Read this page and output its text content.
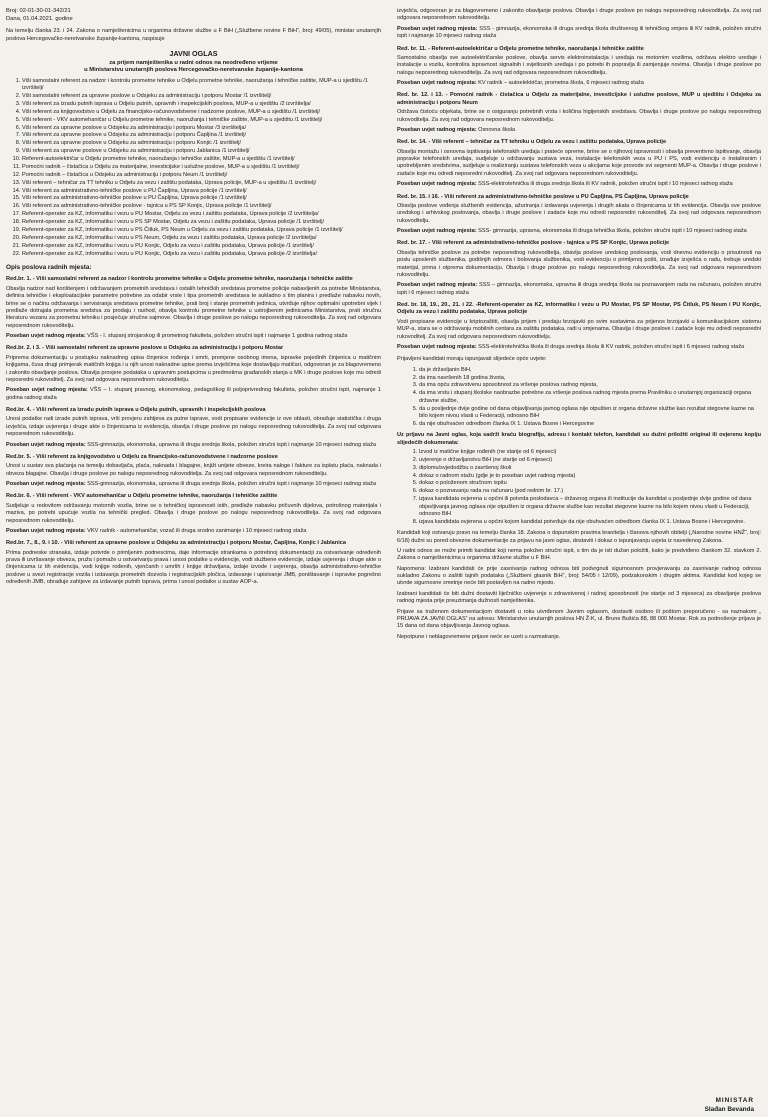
Broj: 02-01-30-01-342/21

Dana, 01.04.2021. godine

Na temelju članka 23. i 24. Zakona o namještenicima u organima državne službe u F BiH („Službene novine F BiH“, broj: 49/05), ministar unutarnjih poslova Hercegovačko-neretvanske županije-kantona, raspisuje

JAVNI OGLAS
za prijem namještenika u radni odnos na neodređeno vrijeme
u Ministarstvu unutarnjih poslova Hercegovačko-neretvanske županije-kantona
1. Viši samostalni referent za nadzor i kontrolu prometne tehnike u Odjelu prometne tehnike, naoružanja i tehničke zaštite, MUP-a u sjedištu /1 izvršitelj/
2. Viši samostalni referent za upravne poslove u Odsjeku za administraciju i potporu Mostar /1 izvršitelj/
3. Viši referent za izradu putnih isprava u Odjelu putnih, upravnih i inspekcijskih poslova, MUP-a u sjedištu /2 izvršitelja/
4. Viši referent za knjigovodstvo u Odjelu za financijsko-računovodstvene i nadzorne poslove, MUP-a u sjedištu /1 izvršitelj/
5. Viši referent - VKV automehaničar u Odjelu prometne tehnike, naoružanja i tehničke zaštite, MUP-a u sjedištu /1 izvršitelj/
6. Viši referent za upravne poslove u Odsjeku za administraciju i potporu Mostar /3 izvršitelja/
7. Viši referent za upravne poslove u Odsjeku za administraciju i potporu Čapljina /1 izvršitelj/
8. Viši referent za upravne poslove u Odsjeku za administraciju i potporu Konjic /1 izvršitelj/
9. Viši referent za upravne poslove u Odsjeku za administraciju i potporu Jablanica /1 izvršitelj/
10. Referent-autoelektričar u Odjelu prometne tehnike, naoružanja i tehničke zaštite, MUP-a u sjedištu /1 izvršitelj/
11. Pomoćni radnik – čistačica u Odjelu za materijalne, investicijske i uslužne poslove, MUP-a u sjedištu /1 izvršitelj/
12. Pomoćni radnik – čistačica u Odsjeku za administraciju i potporu Neum /1 izvršitelj/
13. Viši referent – tehničar za TT tehniku u Odjelu za vezu i zaštitu podataka, Uprava policije, MUP-a u sjedištu /1 izvršitelj/
14. Viši referent za administrativno-tehničke poslove u PU Čapljina, Uprava policije /1 izvršitelj/
15. Viši referent za administrativno-tehničke poslove u PU Čapljina, Uprava policije /1 izvršitelj/
16. Viši referent za administrativno-tehničke poslove - tajnica u PS SP Konjic, Uprava policije /1 izvršitelj/
17. Referent-operater za KZ, informatiku i vezu u PU Mostar, Odjelu za vezu i zaštitu podataka, Uprava policije /2 izvršitelja/
18. Referent-operater za KZ, informatiku i vezu u PS SP Mostar, Odjelu za vezu i zaštitu podataka, Uprava policije /1 izvršitelj/
19. Referent-operater za KZ, informatiku i vezu u PS Čitluk, PS Neum u Odjelu za vezu i zaštitu podataka, Uprava policije /1 izvršitelj/
20. Referent-operater za KZ, informatiku i vezu u PS Neum, Odjelu za vezu i zaštitu podataka, Uprava policije /2 izvršitelja/
21. Referent-operater za KZ, informatiku i vezu u PU Konjic, Odjelu za vezu i zaštitu podataka, Uprava policije /1 izvršitelj/
22. Referent-operater za KZ, informatiku i vezu u PU Konjic, Odjelu za vezu i zaštitu podataka, Uprava policije /2 izvršitelja/
Opis poslova radnih mjesta:

Red.br. 1. - Viši samostalni referent za nadzor i kontrolu prometne tehnike u Odjelu prometne tehnike, naoružanja i tehničke zaštite

Obavlja nadzor nad korištenjem i održavanjem prometnih sredstava i ostalih tehničkih sredstava prometne policije nabavljenih za potrebe Ministarstva, definira tehničke i eksploatacijske parametre potrebne za odabir vrste i tipa prometnih sredstava te sukladno s tim planira i predlaže nabavku novih, brine se o načinu održavanja i servisiranja sredstava prometne tehnike, prati broj i stanje prometnih jedinica, utvrđuje njihov optimalni upotrebni vijek i predlaže dotrajala prometna sredstva za prodaju i rashod, obavlja kontrolu prometne tehnike u ustrojbenim jedinicama Ministarstva, prati stručnu literaturu vezanu za prometnu tehniku i posjećuje stručne sajmove. Obavlja i druge poslove po nalogu neposrednog rukovoditelja. Za svoj rad odgovara neposrednom rukovoditelju.

Poseban uvjet radnog mjesta: VŠS - I. stupanj strojarskog ili prometnog fakulteta, položen stručni ispit i najmanje 1 godina radnog staža

Red.br. 2. i 3. - Viši samostalni referent za upravne poslove u Odsjeku za administraciju i potporu Mostar

Priprema dokumentaciju u postupku naknadnog upisa činjenice rođenja i smrti, promjene osobnog imena, ispravke pojedinih činjenica u matičnim knjigama, čuva drugi primjerak matičnih knjiga i u njih unosi naknadne upise prema izvješćima koje dostavljaju matičari, odgovoran je za blagovremeno i zakonito obavljanje poslova. Obavlja provjere podataka u upravnim postupcima u predmetima građanskih stanja u MK i druge poslove koje mu odredi neposredni rukovoditelj. Za svoj rad odgovara neposrednom rukovoditelju.

Poseban uvjet radnog mjesta: VŠS – I. stupanj pravnog, ekonomskog, pedagoškog ili poljoprivrednog fakulteta, položen stručni ispit, najmanje 1 godina radnog staža

Red.br. 4. - Viši referent za izradu putnih isprava u Odjelu putnih, upravnih i inspekcijskih poslova

Unosi podatke radi izrade putnih isprava, vrši provjeru zahtjeva za putne isprave, vodi propisane evidencije iz ove oblasti, obrađuje statistička i druga izvješća, izdaje uvjerenja i druge akte o činjenicama iz evidencija, obavlja i druge poslove po nalogu neposrednog rukovoditelja. Za svoj rad odgovara neposrednom rukovoditelju.

Poseban uvjet radnog mjesta: SSS-gimnazija, ekonomska, upravna ili druga srednja škola, položen stručni ispit i najmanje 10 mjeseci radnog staža

Red.br. 5. - Viši referent za knjigovodstvo u Odjelu za financijsko-računovodstvene i nadzorne poslove

Unosi u sustav sva plaćanja na temelju dobavljača, plaća, naknada i blagajne, knjiži unijete obveze, kreira naloge i fakture za isplatu plaća, naknada i obveza blagajne. Obavlja i druge poslove po nalogu neposrednog rukovoditelja. Za svoj rad odgovara neposrednom rukovoditelju.

Poseban uvjet radnog mjesta: SSS-gimnazija, ekonomska, upravna ili druga srednja škola, položen stručni ispit i najmanje 10 mjeseci radnog staža

Red.br. 6. - Viši referent - VKV automehaničar u Odjelu prometne tehnike, naoružanja i tehničke zaštite

Sudjeluje u redovitom održavanju motornih vozila, brine se o tehničkoj ispravnosti istih, predlaže nabavku pričuvnih dijelova, potrošnog materijala i maziva, po potrebi upućuje vozila na tehnički pregled. Obavlja i druge poslove po nalogu neposrednog rukovoditelja. Za svoj rad odgovara neposrednom rukovoditelju.

Poseban uvjet radnog mjesta: VKV radnik - automehaničar, vozač ili druga srodno zanimanje i 10 mjeseci radnog staža

Red.br. 7., 8., 9. i 10. - Viši referent za upravne poslove u Odsjeku za administraciju i potporu Mostar, Čapljina, Konjic i Jablanica

Prima podneske stranaka, izdaje potvrde o primljenim podnescima, daje informacije strankama o potrebnoj dokumentaciji za ostvarivanje određenih prava ili izvršavanje obveza, pruža i pomaže u ostvarivanju prava i unosi podatke u evidencije, vodi službene evidencije, izdaje uvjerenja i druge akte o činjenicama iz tih evidencija, vodi knjige rođenih, vjenčanih i umrlih i knjige državljana, izdaje izvode i uvjerenja, obavlja administrativno-tehničke poslove u svezi registracije vozila i izdavanja prometnih dozvola i registracijskih pločica, izdavanje i upisivanje JMB, poništavanje i ispravke pogrešno određenih JMB, obrađuje zahtjeve za izdavanje putnih isprava, prima i unosi podatke u sustav AOP-a.

izvješća, odgovoran je za blagovremeno i zakonito obavljanje poslova. Obavlja i druge poslove po nalogu neposrednog rukovoditelja. Za svoj rad odgovara neposrednom rukovoditelju.

Poseban uvjet radnog mjesta: SSS - gimnazija, ekonomska ili druga srednja škola društvenog ili tehničkog smjera ili KV radnik, položen stručni ispit i najmanje 10 mjeseci radnog staža

Red. br. 11. - Referent-autoelektričar u Odjelu prometne tehnike, naoružanja i tehničke zaštite

Samostalno obavlja sve autoelektričarske poslove, obavlja servis elektroinstalacija i uređaja na motornim vozilima, održava elektro uređaje i instalacije u vozilu, kontrolira ispravnost signalnih i svjetlosnih uređaja i po potrebi ih popravlja ili zamjenjuje novima. Obavlja i druge poslove po nalogu neposrednog rukovoditelja. Za svoj rad odgovara neposrednom rukovoditelju.

Poseban uvjet radnog mjesta: KV radnik – autoelektričar, prometna škola, 6 mjeseci radnog staža

Red. br. 12. i 13. - Pomoćni radnik - čistačica u Odjelu za materijalne, investicijske i uslužne poslove, MUP u sjedištu i Odsjeku za administraciju i potporu Neum

Održava čistoću objekata, brine se o osiguranju potrebnih vrsta i količina higijenskih sredstava. Obavlja i druge poslove po nalogu neposrednog rukovoditelja. Za svoj rad odgovara neposrednom rukovoditelju.

Poseban uvjet radnog mjesta: Osnovna škola

Red. br. 14. - Viši referent – tehničar za TT tehniku u Odjelu za vezu i zaštitu podataka, Uprava policije

Obavlja montažu i osnovna ispitivanja telefonskih uređaja i pratećе opreme, brine se o njihovoj ispravnosti i obavlja preventivno ispitivanje, obavlja popravke telefonskih uređaja, sudjeluje u održavanju sustava veza, instalacije telefonskih veza u PU i PS, vodi evidenciju o instaliranim i upotrebljenim sredstvima, sudjeluje u realiziranju sustava telefonskih veza u akcijama koje provode svi segmenti MUP-a. Obavlja i druge poslove i zadaće koje mu odredi neposredni rukovoditelj. Za svoj rad odgovara neposrednom rukovoditelju.

Poseban uvjet radnog mjesta: SSS-elektrotehnička ili druga srednja škola ili KV radnik, položen stručni ispit i 10 mjeseci radnog staža

Red. br. 15. i 16. - Viši referent za administrativno-tehničke poslove u PU Čapljina, PS Čapljina, Uprava policije

Obavlja poslove vođenja službenih evidencija, ažuriranja i izdavanja uvjerenja i drugih akata o činjenicama iz tih evidencija. Obavlja sve poslove uredskog i arhivskog poslovanja, obavlja i druge poslove i zadaće koje mu odredi neposredni rukovoditelj. Za svoj rad odgovara neposrednom rukovoditelju.

Poseban uvjet radnog mjesta: SSS- gimnazija, upravna, ekonomska ili druga tehnička škola, položen stručni ispit i 10 mjeseci radnog staža

Red. br. 17. - Viši referent za administrativno-tehničke poslove - tajnica u PS SP Konjic, Uprava policije

Obavlja tehničke poslove za potrebe neposrednog rukovoditelja, obavlja poslove uredskog poslovanja, vodi dnevnu evidenciju o prisutnosti na poslu uposlenih službenika, godišnjih odmora i bolovanja službenika, vodi evidenciju o primljenoj pošti, izrađuje izvješća o radu, trebuje uredski materijal, prima i otprema dokumentaciju. Obavlja i druge poslove po nalogu neposrednog rukovoditelja. Za svoj rad odgovara neposrednom rukovoditelju.

Poseban uvjet radnog mjesta: SSS – gimnazija, ekonomska, upravna ili druga srednja škola sa poznavanjem rada na računaru, položen stručni ispit i 6 mjeseci radnog staža

Red. br. 18, 19., 20., 21. i 22. -Referent-operater za KZ, informatiku i vezu u PU Mostar, PS SP Mostar, PS Čitluk, PS Neum i PU Konjic, Odjelu za vezu i zaštitu podataka, Uprava policije

Vodi propisane evidencije u kriptozaštiti, obavlja prijem i predaju brzojavki po svim sustavima za prijenos brzojavki u komunikacijskom sistemu MUP-a, stara se o održavanju mobilnih centara za zaštitu podataka, radi u smjenama. Obavlja i druge poslove i zadaće koje mu odredi neposredni rukovoditelj. Za svoj rad odgovara neposrednom rukovoditelju.

Poseban uvjet radnog mjesta: SSS-elektrotehnička škola ili druga srednja škola ili KV radnik, položen stručni ispit i 6 mjeseci radnog staža

Prijavljeni kandidati moraju ispunjavati slijedeće opće uvjete:

1. da je državljanin BiH,
2. da ima navršenih 18 godina života,
3. da ima opću zdravstvenu sposobnost za vršenje poslova radnog mjesta,
4. da ima vrstu i stupanj školske naobrazbe potrebne za vršenje poslova radnog mjesta prema Pravilniku o unutarnjoj organizaciji organa državne službe,
5. da u posljednje dvije godine od dana objavljivanja javnog oglasa nije otpušten iz organa državne službe kao rezultat stegovne kazne na bilo kojem nivou vlasti u Federaciji, odnosno BiH
6. da nije obuhvaćen odredbom članka IX 1. Ustava Bosne i Hercegovine

Uz prijavu na Javni oglas, koja sadrži kraću biografiju, adresu i kontakt telefon, kandidati su dužni priložiti original ili ovjerenu kopiju slijedećih dokumenata:

1. Izvod iz matične knjige rođenih (ne starije od 6 mjeseci)
2. uvjerenje o državljanstvu BiH (ne starije od 6 mjeseci)
3. diplomu/svjedodžbu o završenoj školi
4. dokaz o radnom stažu (gdje je to poseban uvjet radnog mjesta)
5. dokaz o položenom stručnom ispitu
6. dokaz o poznavanju rada na računaru (pod rednim br. 17.)
7. izjava kandidata ovjerena u općini ili potvrda poslodavca – državnog organa ili institucije da kandidat u posljednje dvije godine od dana objavljivanja javnog oglasa nije otpušten iz organa državne službe kao rezultat stegovne kazne na bilo kojem nivou vlasti u Federaciji, odnosno BiH
8. izjava kandidata ovjerena u općini kojom kandidat potvrđuje da nije obuhvaćen odredbom članka IX 1. Ustava Bosne i Hercegovine.

Kandidati koji ostvaruju pravo na temelju članka 18. Zakona o dopunskim pravima branitelja i članova njihovih obitelji („Narodne novine HNŽ“, broj: 6/18) dužni su pored obvezne dokumentacije za prijavu na javni oglas, dostaviti i dokaz o ispunjavanju uvjeta iz navedenog Zakona.

U radni odnos se može primiti kandidat koji nema položen stručni ispit, s tim da je isti dužan položiti, kako je predviđeno člankom 32. stavkom 2. Zakona o namještenicima u organima državne službe u F BiH.

Napomena: Izabrani kandidati će prije zasnivanja radnog odnosa biti podvrgnuti sigurnosnom provjeravanju za zasnivanje radnog odnosa sukladno Zakonu o zaštiti tajnih podataka („Službeni glasnik BiH“, broj: 54/05 i 12/09), podzakonskim i drugim aktima. Kandidat kod kojeg se utvrde sigurnosne smetnje neće biti postavljen na radno mjesto.

Izabrani kandidati će biti dužni dostaviti liječničko uvjerenje o zdravstvenoj i radnoj sposobnosti (ne starije od 3 mjeseca) za obavljanje poslova radnog mjesta prije preuzimanja dužnosti namještenika.

Prijave sa traženom dokumentacijom dostaviti u roku utvrđenom Javnim oglasom, dostaviti osobno ili poštom preporučeno - sa naznakom „ PRIJAVA ZA JAVNI OGLAS“ na adresu: Ministarstvo unutarnjih poslova HN Ž-K, ul. Brune Bušića 88, 88 000 Mostar. Rok za podnošenje prijava je 15 dana od dana objavljivanja Javnog oglasa.

Nepotpune i neblagovremene prijave neće se uzeti u razmatranje.

MINISTAR
Slađan Bevanda
